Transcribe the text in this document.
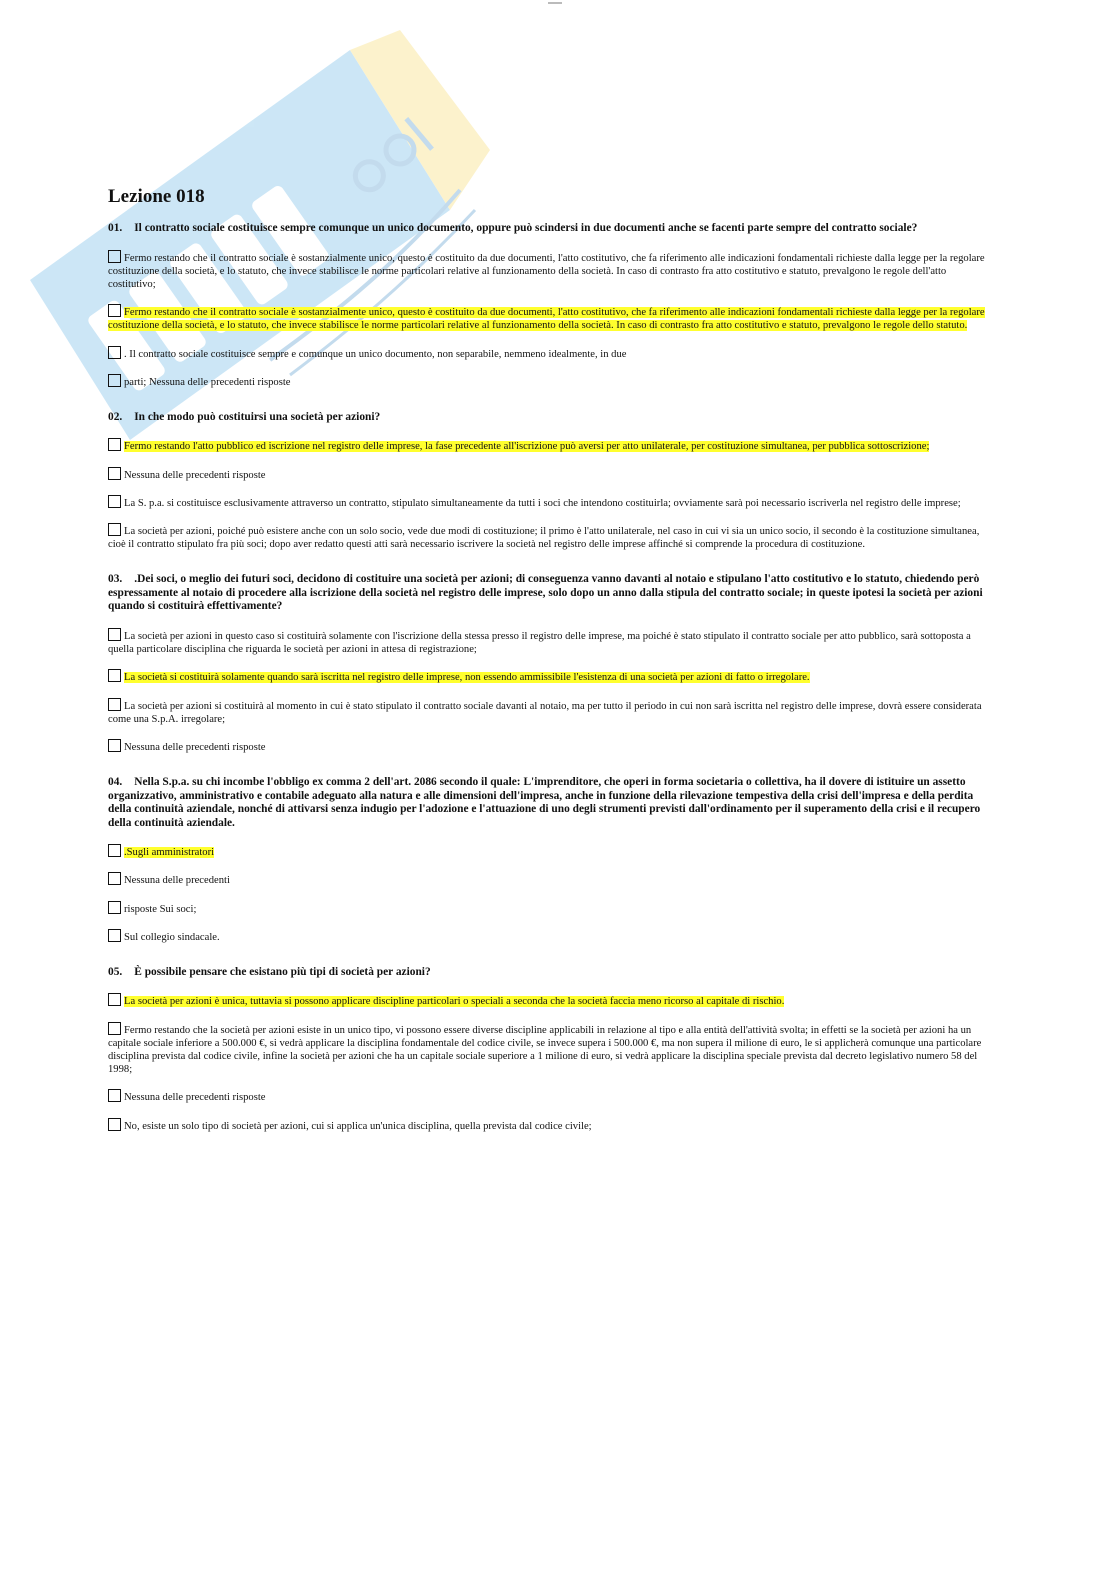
Lezione 018

01. Il contratto sociale costituisce sempre comunque un unico documento, oppure può scindersi in due documenti anche se facenti parte sempre del contratto sociale?

Fermo restando che il contratto sociale è sostanzialmente unico, questo è costituito da due documenti, l'atto costitutivo, che fa riferimento alle indicazioni fondamentali richieste dalla legge per la regolare costituzione della società, e lo statuto, che invece stabilisce le norme particolari relative al funzionamento della società. In caso di contrasto fra atto costitutivo e statuto, prevalgono le regole dell'atto costitutivo;

Fermo restando che il contratto sociale è sostanzialmente unico, questo è costituito da due documenti, l'atto costitutivo, che fa riferimento alle indicazioni fondamentali richieste dalla legge per la regolare costituzione della società, e lo statuto, che invece stabilisce le norme particolari relative al funzionamento della società. In caso di contrasto fra atto costitutivo e statuto, prevalgono le regole dello statuto.

. Il contratto sociale costituisce sempre e comunque un unico documento, non separabile, nemmeno idealmente, in due

parti; Nessuna delle precedenti risposte

02. In che modo può costituirsi una società per azioni?

Fermo restando l'atto pubblico ed iscrizione nel registro delle imprese, la fase precedente all'iscrizione può aversi per atto unilaterale, per costituzione simultanea, per pubblica sottoscrizione;

Nessuna delle precedenti risposte

La S. p.a. si costituisce esclusivamente attraverso un contratto, stipulato simultaneamente da tutti i soci che intendono costituirla; ovviamente sarà poi necessario iscriverla nel registro delle imprese;

La società per azioni, poiché può esistere anche con un solo socio, vede due modi di costituzione; il primo è l'atto unilaterale, nel caso in cui vi sia un unico socio, il secondo è la costituzione simultanea, cioè il contratto stipulato fra più soci; dopo aver redatto questi atti sarà necessario iscrivere la società nel registro delle imprese affinché si comprende la procedura di costituzione.

03. .Dei soci, o meglio dei futuri soci, decidono di costituire una società per azioni; di conseguenza vanno davanti al notaio e stipulano l'atto costitutivo e lo statuto, chiedendo però espressamente al notaio di procedere alla iscrizione della società nel registro delle imprese, solo dopo un anno dalla stipula del contratto sociale; in queste ipotesi la società per azioni quando si costituirà effettivamente?

La società per azioni in questo caso si costituirà solamente con l'iscrizione della stessa presso il registro delle imprese, ma poiché è stato stipulato il contratto sociale per atto pubblico, sarà sottoposta a quella particolare disciplina che riguarda le società per azioni in attesa di registrazione;

La società si costituirà solamente quando sarà iscritta nel registro delle imprese, non essendo ammissibile l'esistenza di una società per azioni di fatto o irregolare.

La società per azioni si costituirà al momento in cui è stato stipulato il contratto sociale davanti al notaio, ma per tutto il periodo in cui non sarà iscritta nel registro delle imprese, dovrà essere considerata come una S.p.A. irregolare;

Nessuna delle precedenti risposte

04. Nella S.p.a. su chi incombe l'obbligo ex comma 2 dell'art. 2086 secondo il quale: L'imprenditore, che operi in forma societaria o collettiva, ha il dovere di istituire un assetto organizzativo, amministrativo e contabile adeguato alla natura e alle dimensioni dell'impresa, anche in funzione della rilevazione tempestiva della crisi dell'impresa e della perdita della continuità aziendale, nonché di attivarsi senza indugio per l'adozione e l'attuazione di uno degli strumenti previsti dall'ordinamento per il superamento della crisi e il recupero della continuità aziendale.

.Sugli amministratori

Nessuna delle precedenti

risposte Sui soci;

Sul collegio sindacale.

05. È possibile pensare che esistano più tipi di società per azioni?

La società per azioni è unica, tuttavia si possono applicare discipline particolari o speciali a seconda che la società faccia meno ricorso al capitale di rischio.

Fermo restando che la società per azioni esiste in un unico tipo, vi possono essere diverse discipline applicabili in relazione al tipo e alla entità dell'attività svolta; in effetti se la società per azioni ha un capitale sociale inferiore a 500.000 €, si vedrà applicare la disciplina fondamentale del codice civile, se invece supera i 500.000 €, ma non supera il milione di euro, le si applicherà comunque una particolare disciplina prevista dal codice civile, infine la società per azioni che ha un capitale sociale superiore a 1 milione di euro, si vedrà applicare la disciplina speciale prevista dal decreto legislativo numero 58 del 1998;

Nessuna delle precedenti risposte

No, esiste un solo tipo di società per azioni, cui si applica un'unica disciplina, quella prevista dal codice civile;
